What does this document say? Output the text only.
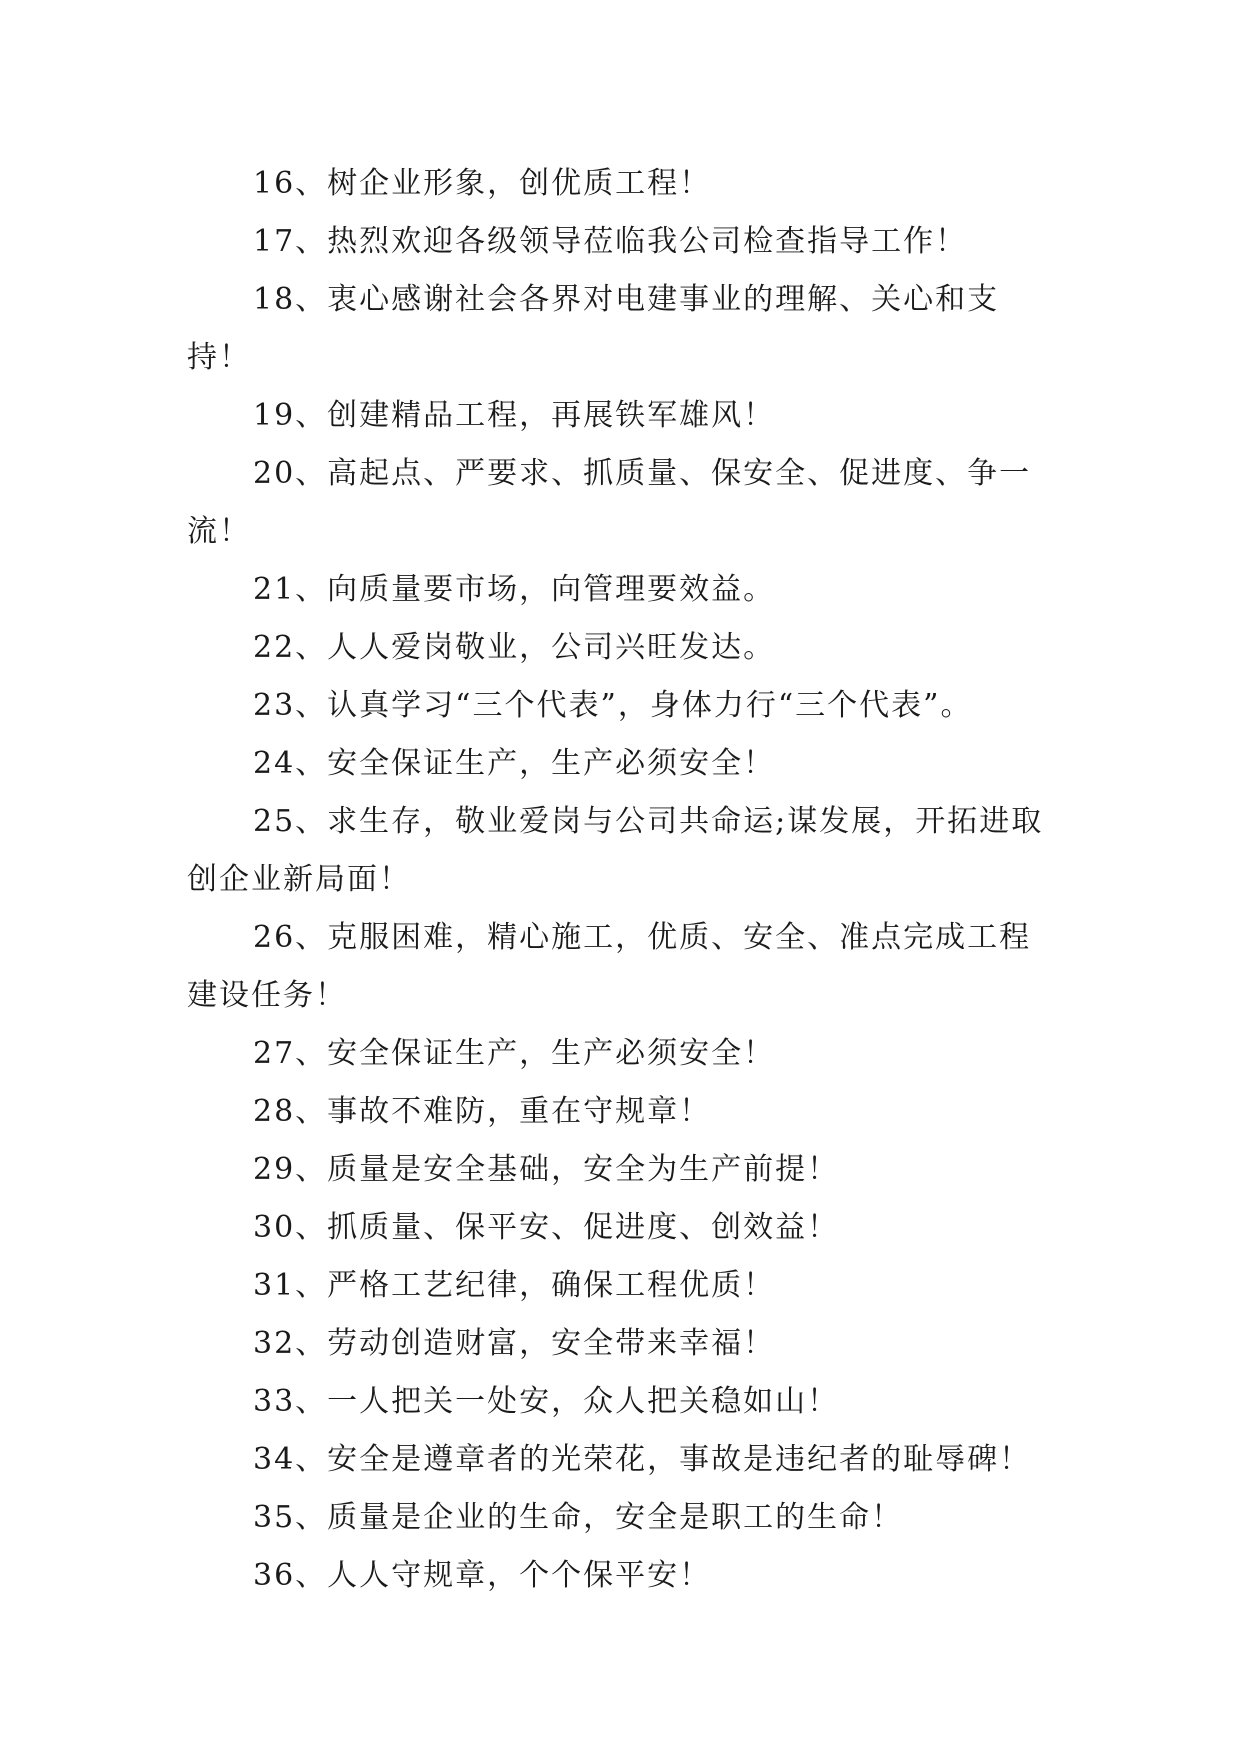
16、树企业形象，创优质工程！

17、热烈欢迎各级领导莅临我公司检查指导工作！

18、衷心感谢社会各界对电建事业的理解、关心和支持！

19、创建精品工程，再展铁军雄风！

20、高起点、严要求、抓质量、保安全、促进度、争一流！

21、向质量要市场，向管理要效益。

22、人人爱岗敬业，公司兴旺发达。

23、认真学习“三个代表”，身体力行“三个代表”。

24、安全保证生产，生产必须安全！

25、求生存，敬业爱岗与公司共命运;谋发展，开拓进取创企业新局面！

26、克服困难，精心施工，优质、安全、准点完成工程建设任务！

27、安全保证生产，生产必须安全！

28、事故不难防，重在守规章！

29、质量是安全基础，安全为生产前提！

30、抓质量、保平安、促进度、创效益！

31、严格工艺纪律，确保工程优质！

32、劳动创造财富，安全带来幸福！

33、一人把关一处安，众人把关稳如山！

34、安全是遵章者的光荣花，事故是违纪者的耻辱碑！

35、质量是企业的生命，安全是职工的生命！

36、人人守规章，个个保平安！
